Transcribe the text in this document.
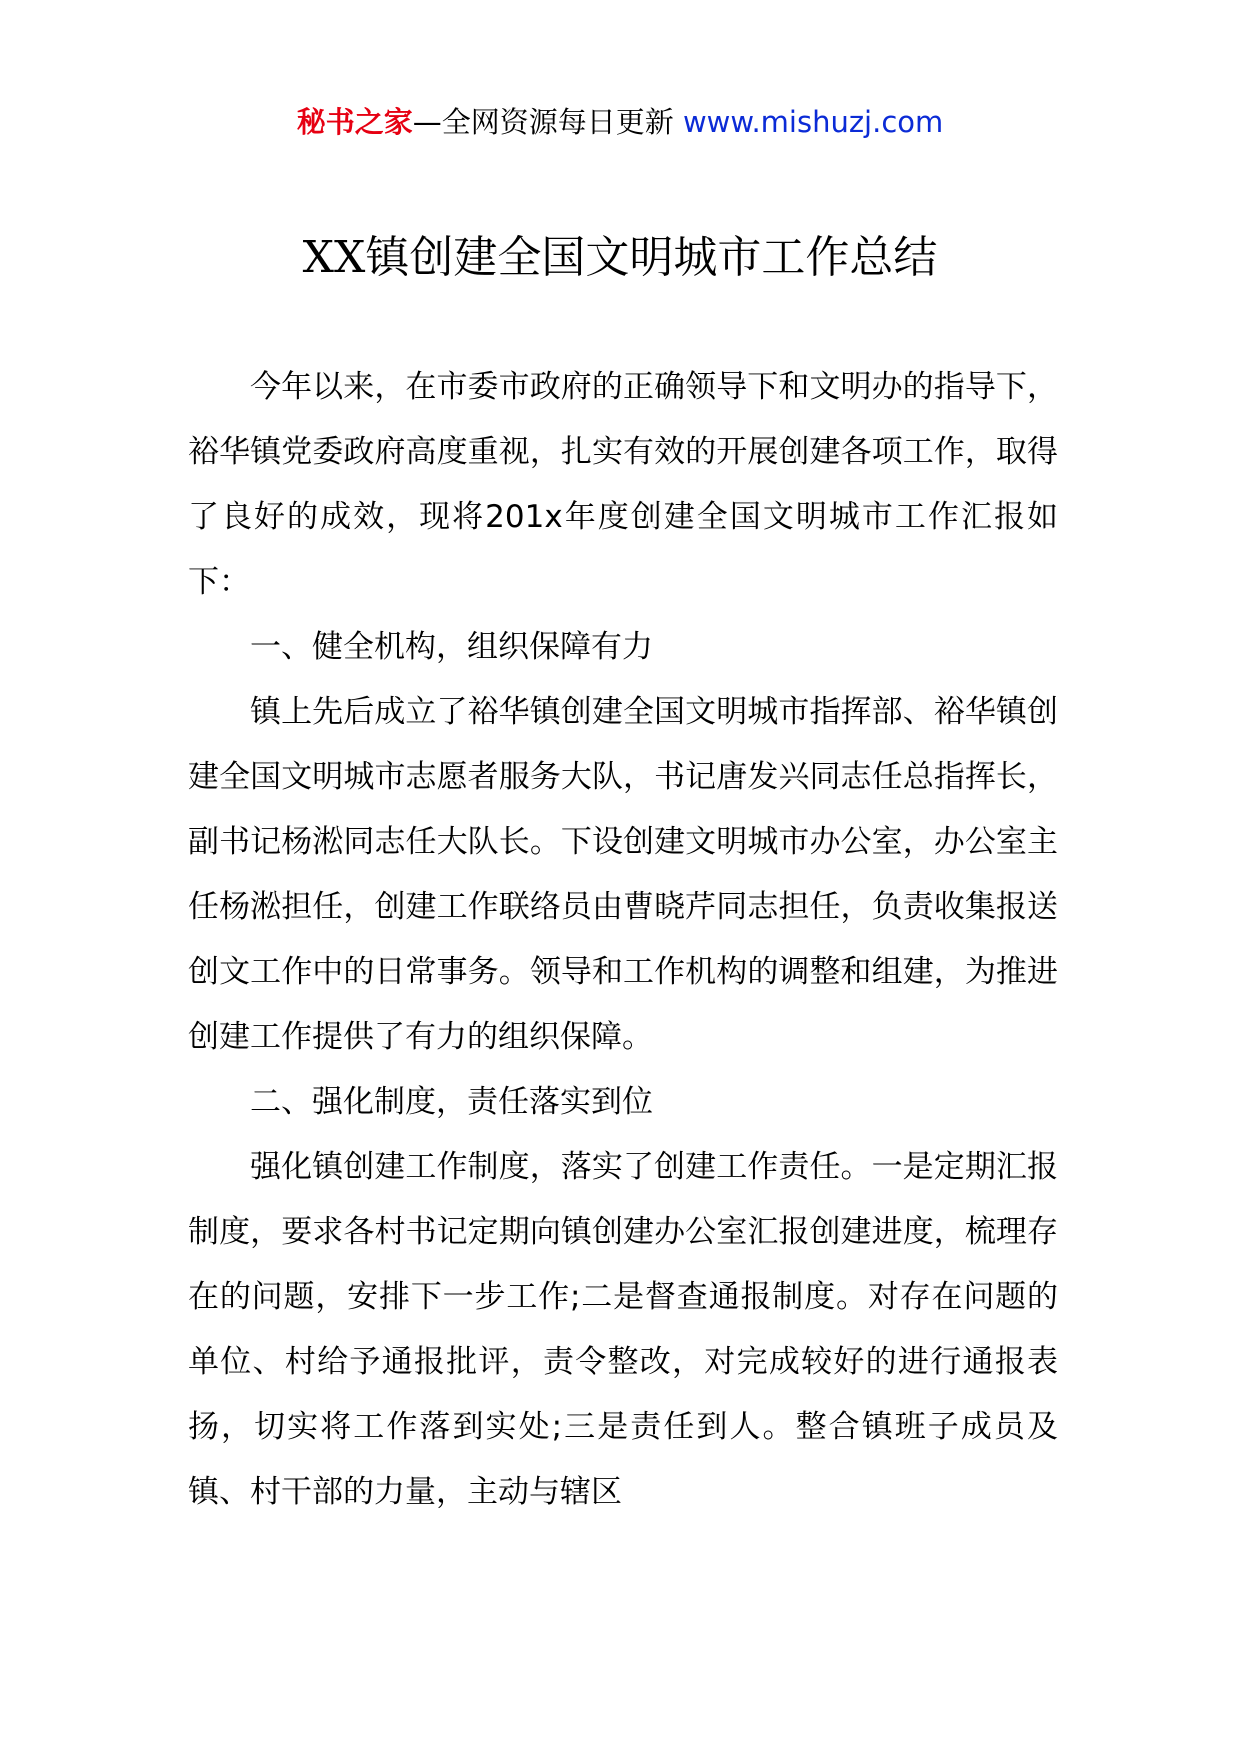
秘书之家—全网资源每日更新 www.mishuzj.com
XX镇创建全国文明城市工作总结

今年以来，在市委市政府的正确领导下和文明办的指导下，裕华镇党委政府高度重视，扎实有效的开展创建各项工作，取得了良好的成效，现将201x年度创建全国文明城市工作汇报如下：

一、健全机构，组织保障有力

镇上先后成立了裕华镇创建全国文明城市指挥部、裕华镇创建全国文明城市志愿者服务大队，书记唐发兴同志任总指挥长，副书记杨淞同志任大队长。下设创建文明城市办公室，办公室主任杨淞担任，创建工作联络员由曹晓芹同志担任，负责收集报送创文工作中的日常事务。领导和工作机构的调整和组建，为推进创建工作提供了有力的组织保障。

二、强化制度，责任落实到位

强化镇创建工作制度，落实了创建工作责任。一是定期汇报制度，要求各村书记定期向镇创建办公室汇报创建进度，梳理存在的问题，安排下一步工作;二是督查通报制度。对存在问题的单位、村给予通报批评，责令整改，对完成较好的进行通报表扬，切实将工作落到实处;三是责任到人。整合镇班子成员及镇、村干部的力量，主动与辖区
